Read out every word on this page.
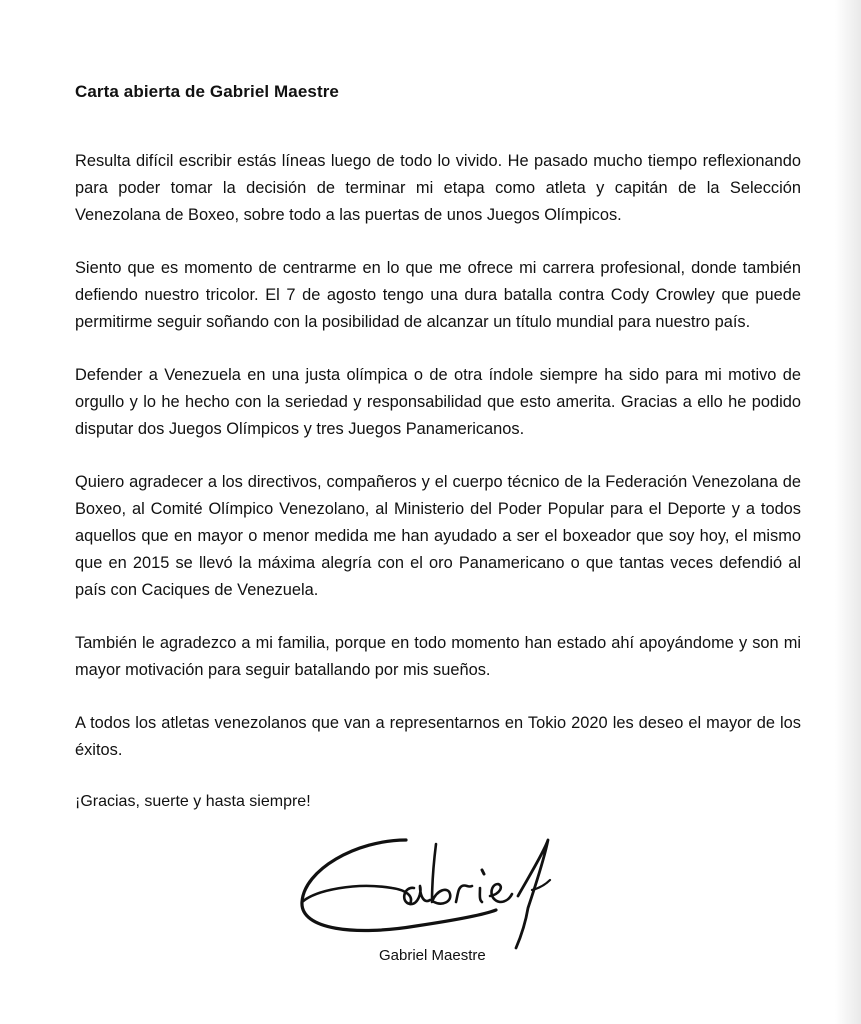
Carta abierta de Gabriel Maestre

Resulta difícil escribir estás líneas luego de todo lo vivido. He pasado mucho tiempo reflexionando para poder tomar la decisión de terminar mi etapa como atleta y capitán de la Selección Venezolana de Boxeo, sobre todo a las puertas de unos Juegos Olímpicos.

Siento que es momento de centrarme en lo que me ofrece mi carrera profesional, donde también defiendo nuestro tricolor. El 7 de agosto tengo una dura batalla contra Cody Crowley que puede permitirme seguir soñando con la posibilidad de alcanzar un título mundial para nuestro país.

Defender a Venezuela en una justa olímpica o de otra índole siempre ha sido para mi motivo de orgullo y lo he hecho con la seriedad y responsabilidad que esto amerita. Gracias a ello he podido disputar dos Juegos Olímpicos y tres Juegos Panamericanos.

Quiero agradecer a los directivos, compañeros y el cuerpo técnico de la Federación Venezolana de Boxeo, al Comité Olímpico Venezolano, al Ministerio del Poder Popular para el Deporte y a todos aquellos que en mayor o menor medida me han ayudado a ser el boxeador que soy hoy, el mismo que en 2015 se llevó la máxima alegría con el oro Panamericano o que tantas veces defendió al país con Caciques de Venezuela.

También le agradezco a mi familia, porque en todo momento han estado ahí apoyándome y son mi mayor motivación para seguir batallando por mis sueños.

A todos los atletas venezolanos que van a representarnos en Tokio 2020 les deseo el mayor de los éxitos.

¡Gracias, suerte y hasta siempre!

Gabriel Maestre
